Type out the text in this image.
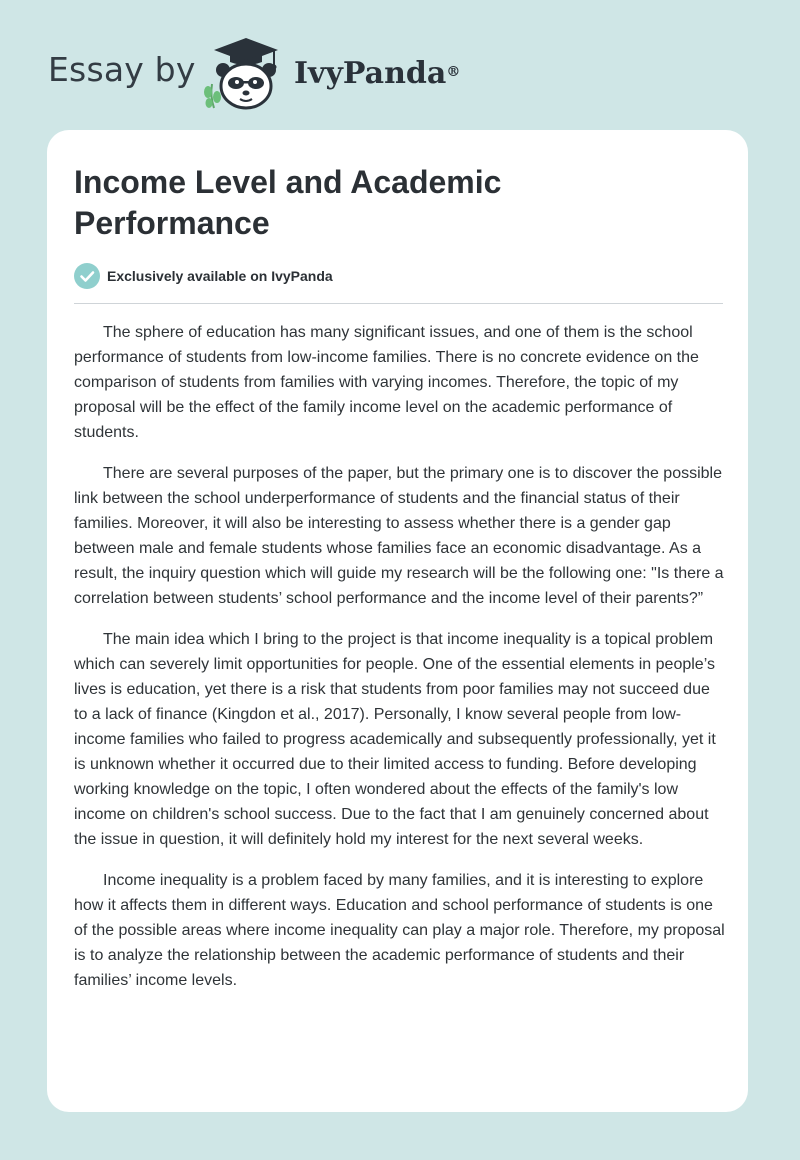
Essay by	IvyPanda®
Income Level and Academic Performance
Exclusively available on IvyPanda

The sphere of education has many significant issues, and one of them is the school performance of students from low-income families. There is no concrete evidence on the comparison of students from families with varying incomes. Therefore, the topic of my proposal will be the effect of the family income level on the academic performance of students.

There are several purposes of the paper, but the primary one is to discover the possible link between the school underperformance of students and the financial status of their families. Moreover, it will also be interesting to assess whether there is a gender gap between male and female students whose families face an economic disadvantage. As a result, the inquiry question which will guide my research will be the following one: "Is there a correlation between students’ school performance and the income level of their parents?”

The main idea which I bring to the project is that income inequality is a topical problem which can severely limit opportunities for people. One of the essential elements in people’s lives is education, yet there is a risk that students from poor families may not succeed due to a lack of finance (Kingdon et al., 2017). Personally, I know several people from low-income families who failed to progress academically and subsequently professionally, yet it is unknown whether it occurred due to their limited access to funding. Before developing working knowledge on the topic, I often wondered about the effects of the family's low income on children's school success. Due to the fact that I am genuinely concerned about the issue in question, it will definitely hold my interest for the next several weeks.

Income inequality is a problem faced by many families, and it is interesting to explore how it affects them in different ways. Education and school performance of students is one of the possible areas where income inequality can play a major role. Therefore, my proposal is to analyze the relationship between the academic performance of students and their families’ income levels.
